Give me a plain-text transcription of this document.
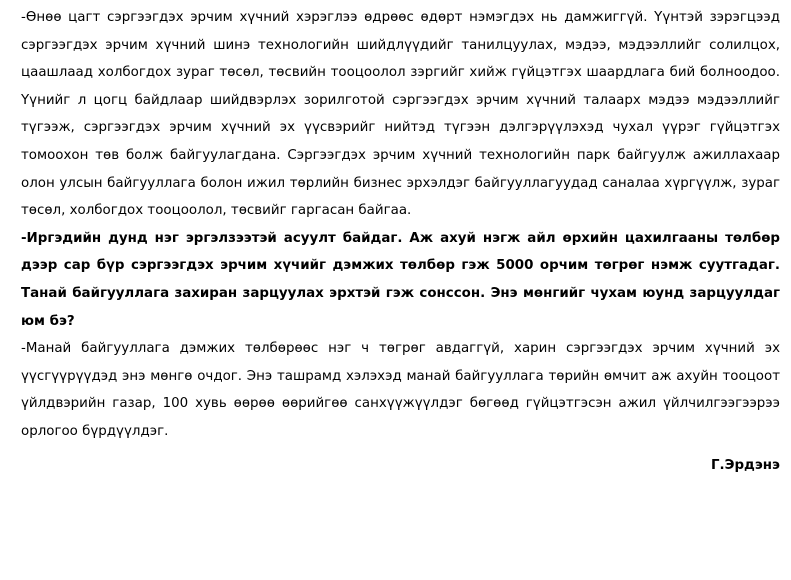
-Өнөө цагт сэргээгдэх эрчим хүчний хэрэглээ өдрөөс өдөрт нэмэгдэх нь дамжиггүй. Үүнтэй зэрэгцээд сэргээгдэх эрчим хүчний шинэ технологийн шийдлүүдийг танилцуулах, мэдээ, мэдээллийг солилцох, цаашлаад холбогдох зураг төсөл, төсвийн тооцоолол зэргийг хийж гүйцэтгэх шаардлага бий болноодоо. Үүнийг л цогц байдлаар шийдвэрлэх зорилготой сэргээгдэх эрчим хүчний талаарх мэдээ мэдээллийг түгээж, сэргээгдэх эрчим хүчний эх үүсвэрийг нийтэд түгээн дэлгэрүүлэхэд чухал үүрэг гүйцэтгэх томоохон төв болж байгуулагдана. Сэргээгдэх эрчим хүчний технологийн парк байгуулж ажиллахаар олон улсын байгууллага болон ижил төрлийн бизнес эрхэлдэг байгууллагуудад саналаа хүргүүлж, зураг төсөл, холбогдох тооцоолол, төсвийг гаргасан байгаа.

-Иргэдийн дунд нэг эргэлзээтэй асуулт байдаг. Аж ахуй нэгж айл өрхийн цахилгааны төлбөр дээр сар бүр сэргээгдэх эрчим хүчийг дэмжих төлбөр гэж 5000 орчим төгрөг нэмж суутгадаг. Танай байгууллага захиран зарцуулах эрхтэй гэж сонссон. Энэ мөнгийг чухам юунд зарцуулдаг юм бэ?

-Манай байгууллага дэмжих төлбөрөөс нэг ч төгрөг авдаггүй, харин сэргээгдэх эрчим хүчний эх үүсгүүрүүдэд энэ мөнгө очдог. Энэ ташрамд хэлэхэд манай байгууллага төрийн өмчит аж ахуйн тооцоот үйлдвэрийн газар, 100 хувь өөрөө өөрийгөө санхүүжүүлдэг бөгөөд гүйцэтгэсэн ажил үйлчилгээгээрээ орлогоо бүрдүүлдэг.

Г.Эрдэнэ
